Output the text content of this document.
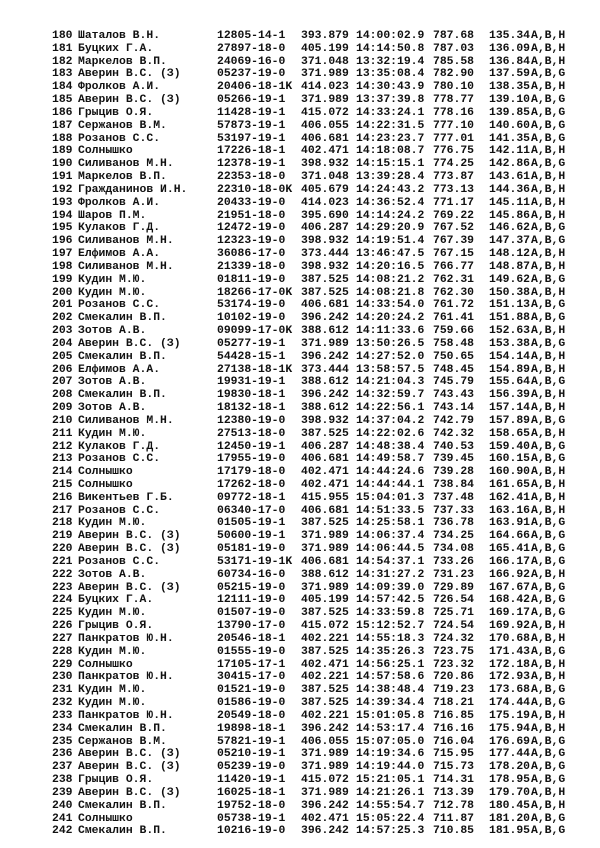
180 Шаталов В.Н.	12805-14-1 393.879 14:00:02.9 787.68 135.34 A,B,H
181 Буцких Г.А.	27897-18-0 405.199 14:14:50.8 787.03 136.09 A,B,H
182 Маркелов В.П.	24069-16-0 371.048 13:32:19.4 785.58 136.84 A,B,H
183 Аверин В.С. (З)	05237-19-0 371.989 13:35:08.4 782.90 137.59 A,B,G
184 Фролков А.И.	20406-18-1K 414.023 14:30:43.9 780.10 138.35 A,B,H
185 Аверин В.С. (З)	05266-19-1 371.989 13:37:39.8 778.77 139.10 A,B,G
186 Грыцив О.Я.	11428-19-1 415.072 14:33:24.1 778.16 139.85 A,B,G
187 Сержанов В.М.	57873-19-1 406.055 14:22:31.5 777.10 140.60 A,B,G
188 Розанов С.С.	53197-19-1 406.681 14:23:23.7 777.01 141.35 A,B,G
189 Солнышко	17226-18-1 402.471 14:18:08.7 776.75 142.11 A,B,H
190 Силиванов М.Н.	12378-19-1 398.932 14:15:15.1 774.25 142.86 A,B,G
191 Маркелов В.П.	22353-18-0 371.048 13:39:28.4 773.87 143.61 A,B,H
192 Гражданинов И.Н.	22310-18-0K 405.679 14:24:43.2 773.13 144.36 A,B,H
193 Фролков А.И.	20433-19-0 414.023 14:36:52.4 771.17 145.11 A,B,H
194 Шаров П.М.	21951-18-0 395.690 14:14:24.2 769.22 145.86 A,B,H
195 Кулаков Г.Д.	12472-19-0 406.287 14:29:20.9 767.52 146.62 A,B,G
196 Силиванов М.Н.	12323-19-0 398.932 14:19:51.4 767.39 147.37 A,B,G
197 Елфимов А.А.	36086-17-0 373.444 13:46:47.5 767.15 148.12 A,B,H
198 Силиванов М.Н.	21339-18-0 398.932 14:20:16.5 766.77 148.87 A,B,H
199 Кудин М.Ю.	01811-19-0 387.525 14:08:21.2 762.31 149.62 A,B,G
200 Кудин М.Ю.	18266-17-0K 387.525 14:08:21.8 762.30 150.38 A,B,H
201 Розанов С.С.	53174-19-0 406.681 14:33:54.0 761.72 151.13 A,B,G
202 Смекалин В.П.	10102-19-0 396.242 14:20:24.2 761.41 151.88 A,B,G
203 Зотов А.В.	09099-17-0K 388.612 14:11:33.6 759.66 152.63 A,B,H
204 Аверин В.С. (З)	05277-19-1 371.989 13:50:26.5 758.48 153.38 A,B,G
205 Смекалин В.П.	54428-15-1 396.242 14:27:52.0 750.65 154.14 A,B,H
206 Елфимов А.А.	27138-18-1K 373.444 13:58:57.5 748.45 154.89 A,B,H
207 Зотов А.В.	19931-19-1 388.612 14:21:04.3 745.79 155.64 A,B,G
208 Смекалин В.П.	19830-18-1 396.242 14:32:59.7 743.43 156.39 A,B,H
209 Зотов А.В.	18132-18-1 388.612 14:22:56.1 743.14 157.14 A,B,H
210 Силиванов М.Н.	12380-19-0 398.932 14:37:04.2 742.79 157.89 A,B,G
211 Кудин М.Ю.	27513-18-0 387.525 14:22:02.6 742.32 158.65 A,B,H
212 Кулаков Г.Д.	12450-19-1 406.287 14:48:38.4 740.53 159.40 A,B,G
213 Розанов С.С.	17955-19-0 406.681 14:49:58.7 739.45 160.15 A,B,G
214 Солнышко	17179-18-0 402.471 14:44:24.6 739.28 160.90 A,B,H
215 Солнышко	17262-18-0 402.471 14:44:44.1 738.84 161.65 A,B,H
216 Викентьев Г.Б.	09772-18-1 415.955 15:04:01.3 737.48 162.41 A,B,H
217 Розанов С.С.	06340-17-0 406.681 14:51:33.5 737.33 163.16 A,B,H
218 Кудин М.Ю.	01505-19-1 387.525 14:25:58.1 736.78 163.91 A,B,G
219 Аверин В.С. (З)	50600-19-1 371.989 14:06:37.4 734.25 164.66 A,B,G
220 Аверин В.С. (З)	05181-19-0 371.989 14:06:44.5 734.08 165.41 A,B,G
221 Розанов С.С.	53171-19-1K 406.681 14:54:37.1 733.26 166.17 A,B,G
222 Зотов А.В.	60734-16-0 388.612 14:31:27.2 731.23 166.92 A,B,H
223 Аверин В.С. (З)	05215-19-0 371.989 14:09:39.0 729.89 167.67 A,B,G
224 Буцких Г.А.	12111-19-0 405.199 14:57:42.5 726.54 168.42 A,B,G
225 Кудин М.Ю.	01507-19-0 387.525 14:33:59.8 725.71 169.17 A,B,G
226 Грыцив О.Я.	13790-17-0 415.072 15:12:52.7 724.54 169.92 A,B,H
227 Панкратов Ю.Н.	20546-18-1 402.221 14:55:18.3 724.32 170.68 A,B,H
228 Кудин М.Ю.	01555-19-0 387.525 14:35:26.3 723.75 171.43 A,B,G
229 Солнышко	17105-17-1 402.471 14:56:25.1 723.32 172.18 A,B,H
230 Панкратов Ю.Н.	30415-17-0 402.221 14:57:58.6 720.86 172.93 A,B,H
231 Кудин М.Ю.	01521-19-0 387.525 14:38:48.4 719.23 173.68 A,B,G
232 Кудин М.Ю.	01586-19-0 387.525 14:39:34.4 718.21 174.44 A,B,G
233 Панкратов Ю.Н.	20549-18-0 402.221 15:01:05.8 716.85 175.19 A,B,H
234 Смекалин В.П.	19898-18-1 396.242 14:53:17.4 716.16 175.94 A,B,H
235 Сержанов В.М.	57821-19-1 406.055 15:07:05.0 716.04 176.69 A,B,G
236 Аверин В.С. (З)	05210-19-1 371.989 14:19:34.6 715.95 177.44 A,B,G
237 Аверин В.С. (З)	05239-19-0 371.989 14:19:44.0 715.73 178.20 A,B,G
238 Грыцив О.Я.	11420-19-1 415.072 15:21:05.1 714.31 178.95 A,B,G
239 Аверин В.С. (З)	16025-18-1 371.989 14:21:26.1 713.39 179.70 A,B,H
240 Смекалин В.П.	19752-18-0 396.242 14:55:54.7 712.78 180.45 A,B,H
241 Солнышко	05738-19-1 402.471 15:05:22.4 711.87 181.20 A,B,G
242 Смекалин В.П.	10216-19-0 396.242 14:57:25.3 710.85 181.95 A,B,G
